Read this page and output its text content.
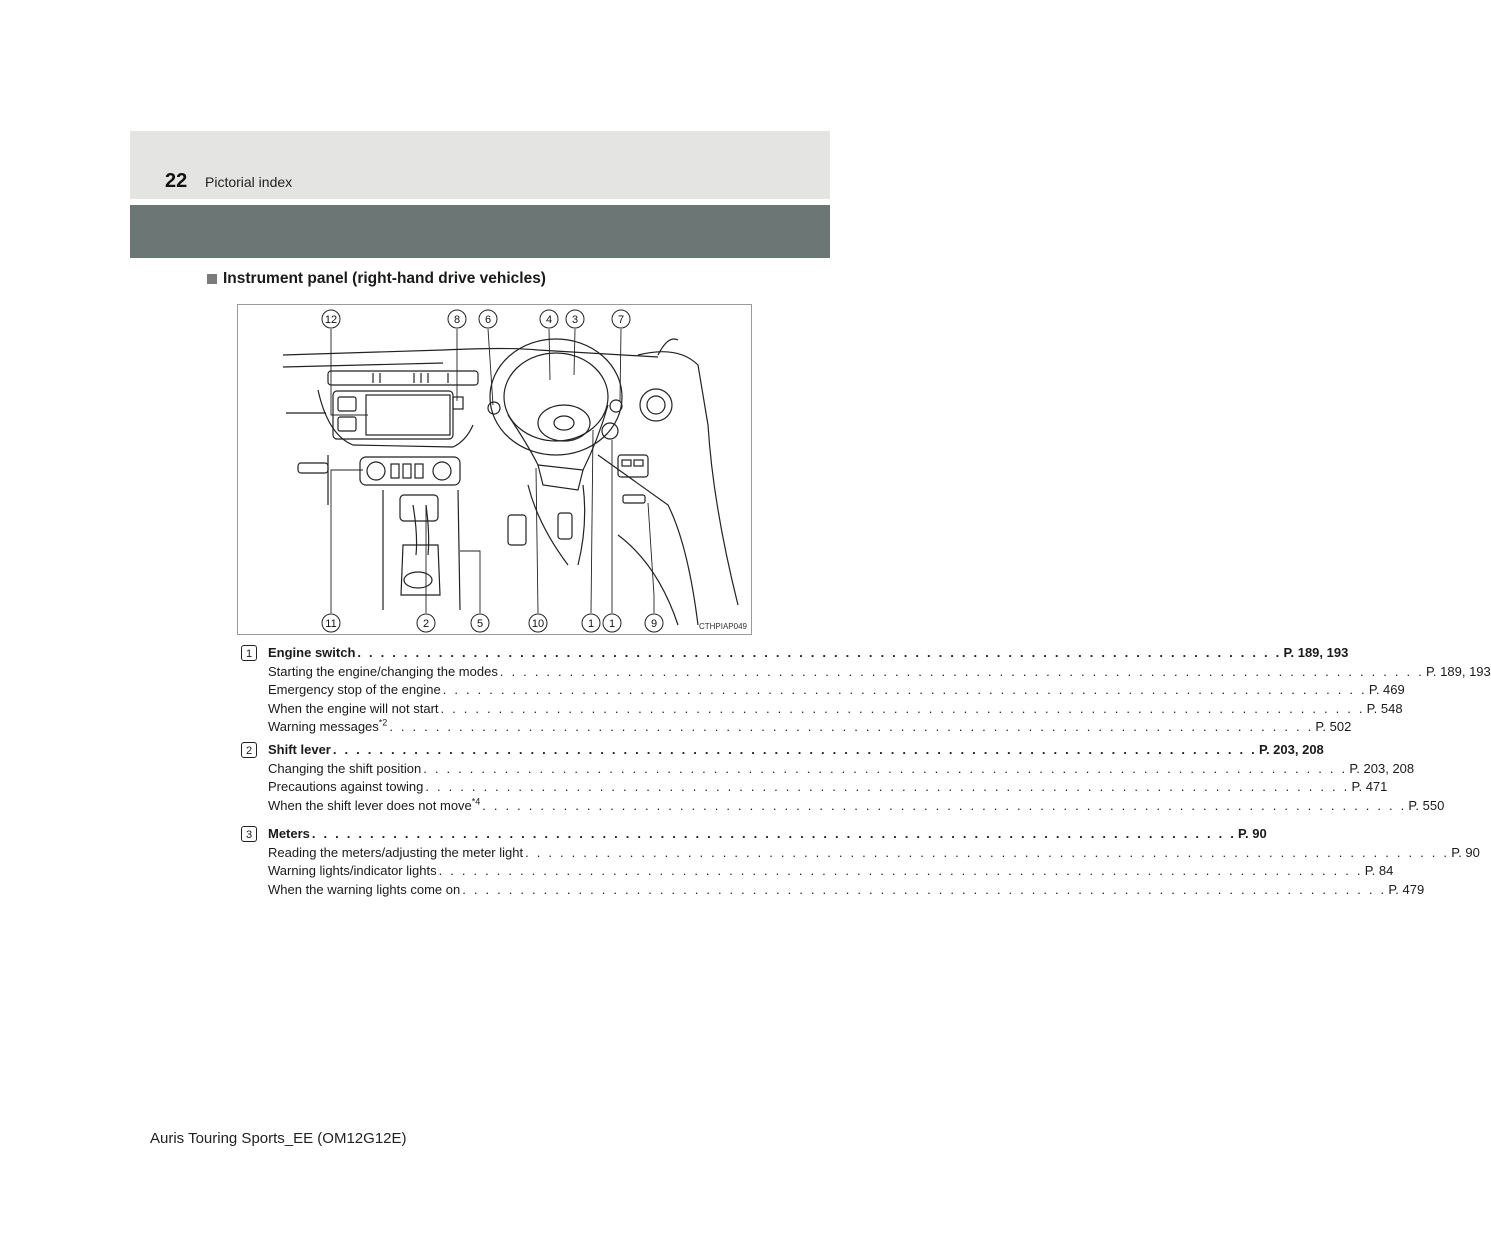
22 Pictorial index
Instrument panel (right-hand drive vehicles)
12	8 6	4 3	7
11	2	5	10	1 1	9	CTHPIAP049
1	Engine switch . . . . . . . . . . . . . . . . . . . . . . . . . . . . . . . . . . . . . . . . . . . . . . . . . . . . . . . . . . . . . . . . . . . . . . . . . . . . . . . . P. 189, 193
Starting the engine/changing the modes . . . . . . . . . . . . . . . . . . . . . . . . . . . . . . . . . . . . . . . . . . . . . . . . . . . . . . . . . . . . . . . . . . . . . . . . . . . . . . . . P. 189, 193
Emergency stop of the engine . . . . . . . . . . . . . . . . . . . . . . . . . . . . . . . . . . . . . . . . . . . . . . . . . . . . . . . . . . . . . . . . . . . . . . . . . . . . . . . . P. 469
When the engine will not start . . . . . . . . . . . . . . . . . . . . . . . . . . . . . . . . . . . . . . . . . . . . . . . . . . . . . . . . . . . . . . . . . . . . . . . . . . . . . . . . P. 548
Warning messages$^{*2}$ . . . . . . . . . . . . . . . . . . . . . . . . . . . . . . . . . . . . . . . . . . . . . . . . . . . . . . . . . . . . . . . . . . . . . . . . . . . . . . . . P. 502
2	Shift lever . . . . . . . . . . . . . . . . . . . . . . . . . . . . . . . . . . . . . . . . . . . . . . . . . . . . . . . . . . . . . . . . . . . . . . . . . . . . . . . . P. 203, 208
Changing the shift position . . . . . . . . . . . . . . . . . . . . . . . . . . . . . . . . . . . . . . . . . . . . . . . . . . . . . . . . . . . . . . . . . . . . . . . . . . . . . . . . P. 203, 208
Precautions against towing . . . . . . . . . . . . . . . . . . . . . . . . . . . . . . . . . . . . . . . . . . . . . . . . . . . . . . . . . . . . . . . . . . . . . . . . . . . . . . . . P. 471
When the shift lever does not move$^{*4}$ . . . . . . . . . . . . . . . . . . . . . . . . . . . . . . . . . . . . . . . . . . . . . . . . . . . . . . . . . . . . . . . . . . . . . . . . . . . . . . . . P. 550
3	Meters . . . . . . . . . . . . . . . . . . . . . . . . . . . . . . . . . . . . . . . . . . . . . . . . . . . . . . . . . . . . . . . . . . . . . . . . . . . . . . . . P. 90
Reading the meters/adjusting the meter light . . . . . . . . . . . . . . . . . . . . . . . . . . . . . . . . . . . . . . . . . . . . . . . . . . . . . . . . . . . . . . . . . . . . . . . . . . . . . . . . P. 90
Warning lights/indicator lights . . . . . . . . . . . . . . . . . . . . . . . . . . . . . . . . . . . . . . . . . . . . . . . . . . . . . . . . . . . . . . . . . . . . . . . . . . . . . . . . P. 84
When the warning lights come on . . . . . . . . . . . . . . . . . . . . . . . . . . . . . . . . . . . . . . . . . . . . . . . . . . . . . . . . . . . . . . . . . . . . . . . . . . . . . . . . P. 479
Auris Touring Sports_EE (OM12G12E)
